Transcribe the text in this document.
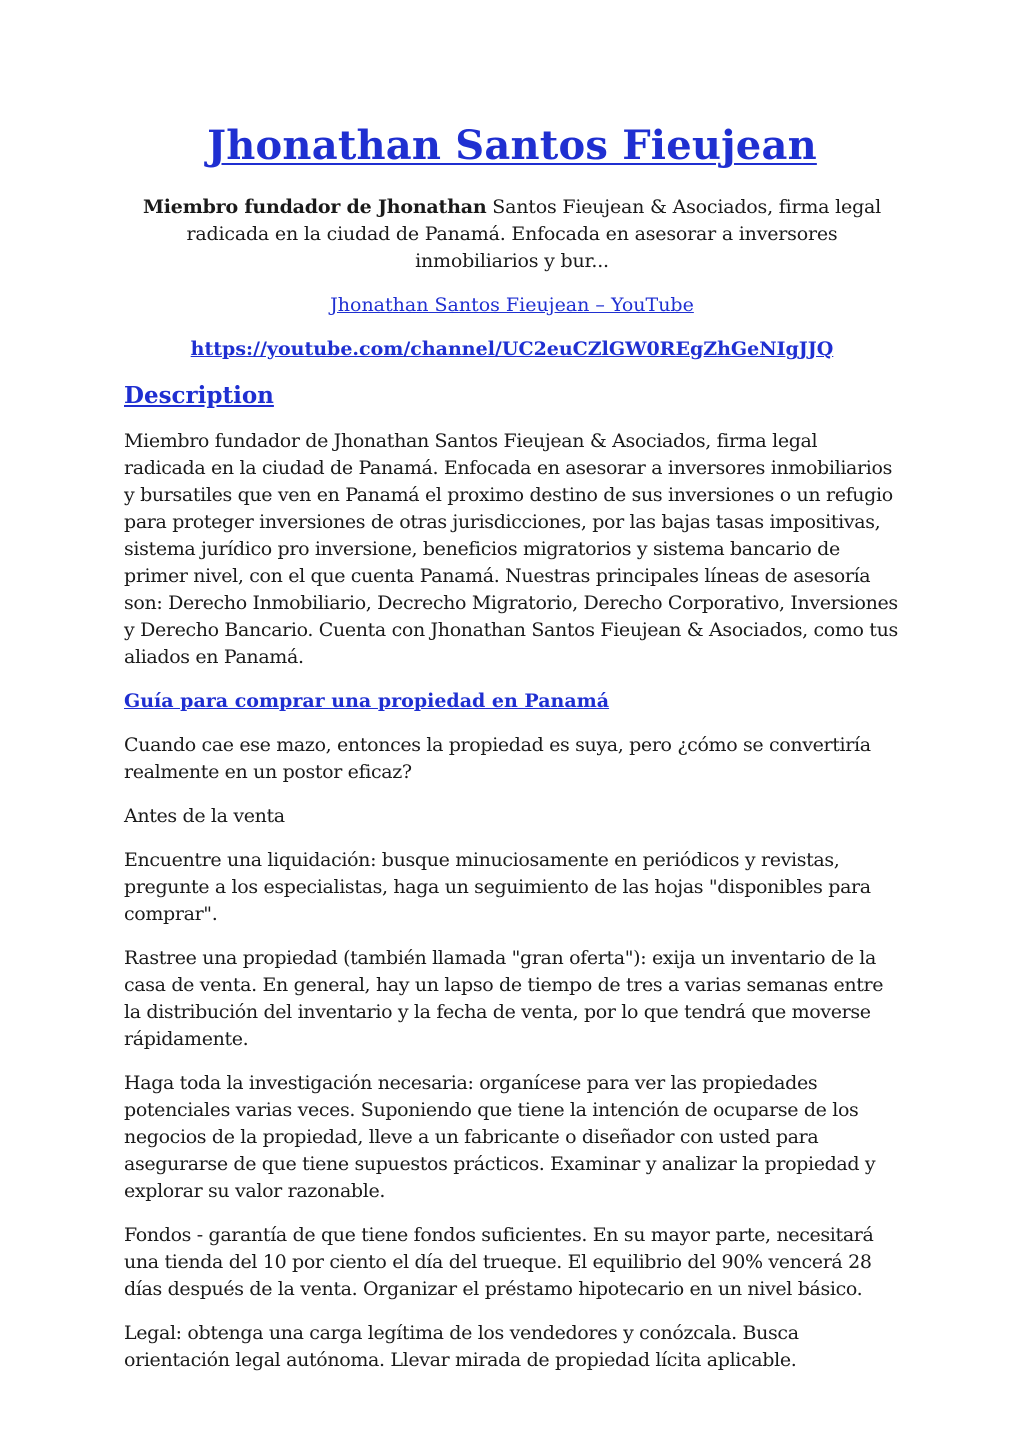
Jhonathan Santos Fieujean

Miembro fundador de Jhonathan Santos Fieujean & Asociados, firma legal radicada en la ciudad de Panamá. Enfocada en asesorar a inversores inmobiliarios y bur...

Jhonathan Santos Fieujean – YouTube

https://youtube.com/channel/UC2euCZlGW0REgZhGeNIgJJQ

Description

Miembro fundador de Jhonathan Santos Fieujean & Asociados, firma legal radicada en la ciudad de Panamá. Enfocada en asesorar a inversores inmobiliarios y bursatiles que ven en Panamá el proximo destino de sus inversiones o un refugio para proteger inversiones de otras jurisdicciones, por las bajas tasas impositivas, sistema jurídico pro inversione, beneficios migratorios y sistema bancario de primer nivel, con el que cuenta Panamá. Nuestras principales líneas de asesoría son: Derecho Inmobiliario, Decrecho Migratorio, Derecho Corporativo, Inversiones y Derecho Bancario. Cuenta con Jhonathan Santos Fieujean & Asociados, como tus aliados en Panamá.

Guía para comprar una propiedad en Panamá

Cuando cae ese mazo, entonces la propiedad es suya, pero ¿cómo se convertiría realmente en un postor eficaz?

Antes de la venta

Encuentre una liquidación: busque minuciosamente en periódicos y revistas, pregunte a los especialistas, haga un seguimiento de las hojas "disponibles para comprar".

Rastree una propiedad (también llamada "gran oferta"): exija un inventario de la casa de venta. En general, hay un lapso de tiempo de tres a varias semanas entre la distribución del inventario y la fecha de venta, por lo que tendrá que moverse rápidamente.

Haga toda la investigación necesaria: organícese para ver las propiedades potenciales varias veces. Suponiendo que tiene la intención de ocuparse de los negocios de la propiedad, lleve a un fabricante o diseñador con usted para asegurarse de que tiene supuestos prácticos. Examinar y analizar la propiedad y explorar su valor razonable.

Fondos - garantía de que tiene fondos suficientes. En su mayor parte, necesitará una tienda del 10 por ciento el día del trueque. El equilibrio del 90% vencerá 28 días después de la venta. Organizar el préstamo hipotecario en un nivel básico.

Legal: obtenga una carga legítima de los vendedores y conózcala. Busca orientación legal autónoma. Llevar mirada de propiedad lícita aplicable.
